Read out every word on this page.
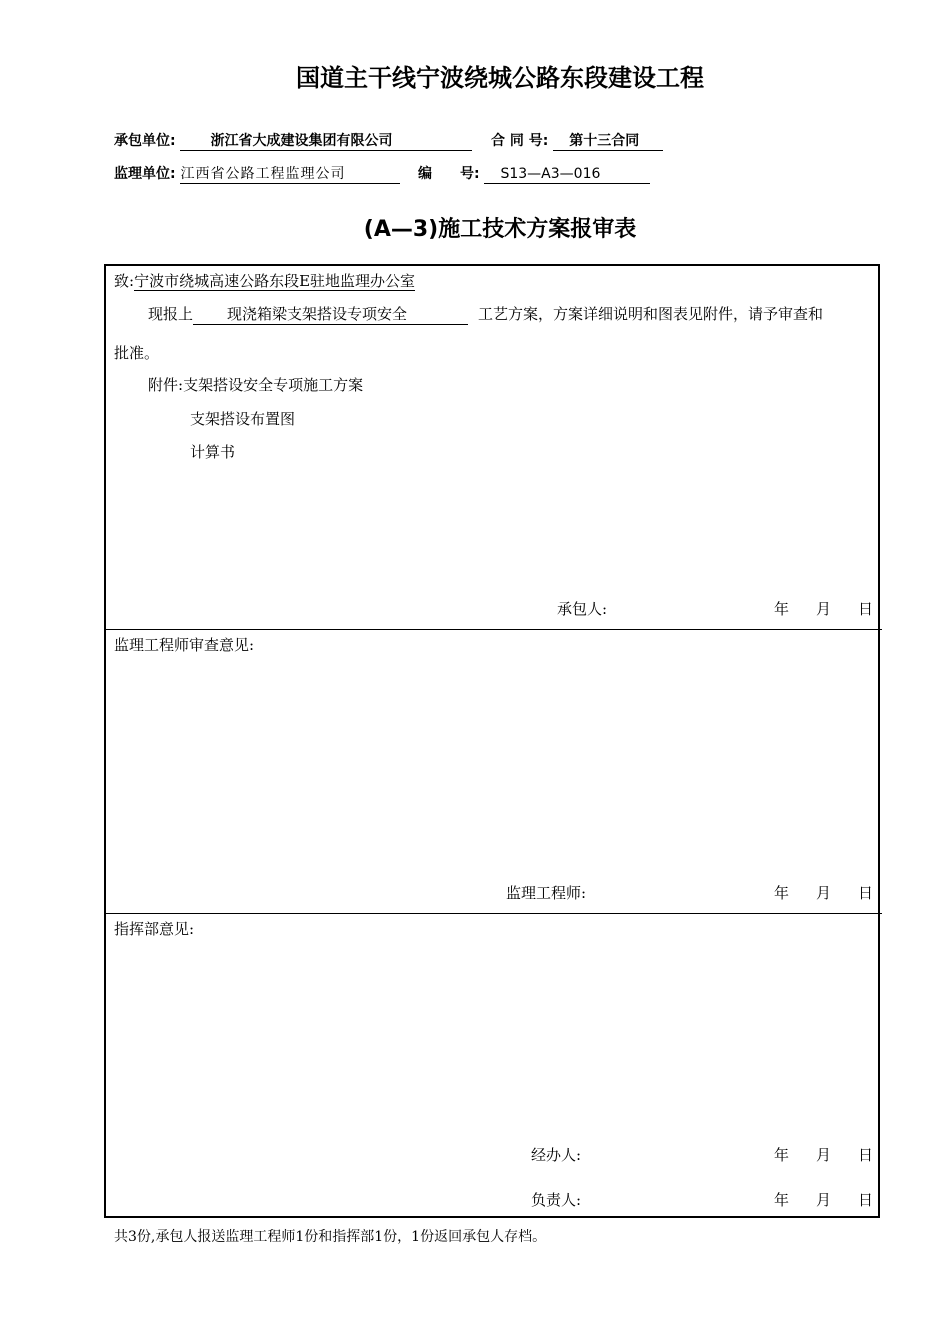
国道主干线宁波绕城公路东段建设工程
承包单位: 浙江省大成建设集团有限公司	合 同 号: 第十三合同
监理单位: 江西省公路工程监理公司	编　　号: S13—A3—016
(A—3)施工技术方案报审表
致:宁波市绕城高速公路东段E驻地监理办公室
现报上 现浇箱梁支架搭设专项安全	工艺方案，方案详细说明和图表见附件，请予审查和
批准。
附件:支架搭设安全专项施工方案
支架搭设布置图
计算书
承包人:	年 月 日
监理工程师审查意见:
监理工程师:	年 月 日
指挥部意见:
经办人:	年 月 日
负责人:	年 月 日
共3份,承包人报送监理工程师1份和指挥部1份，1份返回承包人存档。
